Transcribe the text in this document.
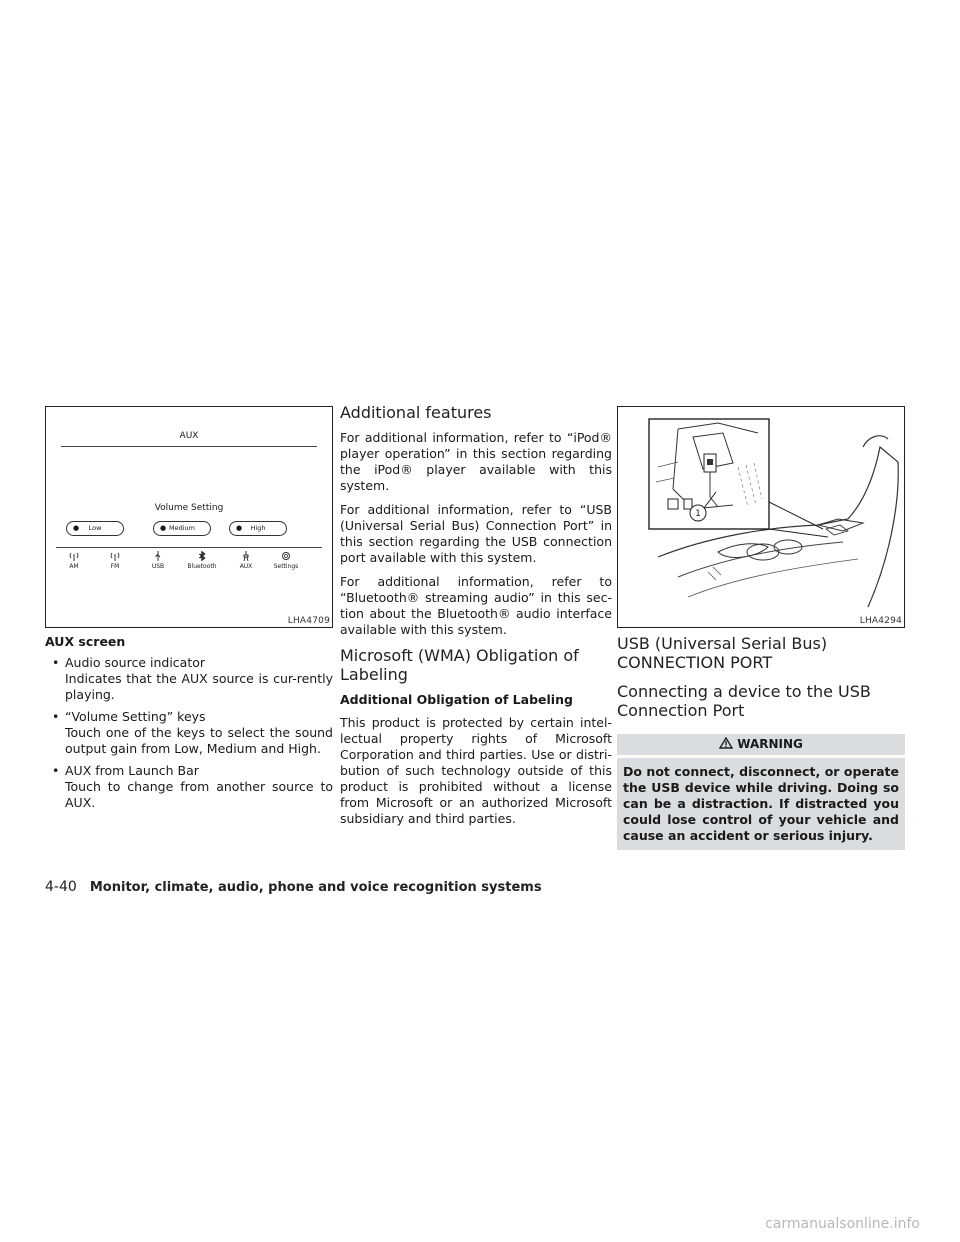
AUX
Volume Setting
●	Low	● Medium	●	High
AM	FM	USB	Bluetooth	AUX	Settings
LHA4709
AUX screen
• Audio source indicator
Indicates that the AUX source is cur-rently playing.
• “Volume Setting” keys
Touch one of the keys to select the sound output gain from Low, Medium and High.
• AUX from Launch Bar
Touch to change from another source to AUX.
Additional features

For additional information, refer to “iPod® player operation” in this section regarding the iPod® player available with this system.

For additional information, refer to “USB (Universal Serial Bus) Connection Port” in this section regarding the USB connection port available with this system.

For additional information, refer to “Bluetooth® streaming audio” in this sec-tion about the Bluetooth® audio interface available with this system.

Microsoft (WMA) Obligation of
Labeling
Additional Obligation of Labeling

This product is protected by certain intel-lectual property rights of Microsoft Corporation and third parties. Use or distri-bution of such technology outside of this product is prohibited without a license from Microsoft or an authorized Microsoft subsidiary and third parties.

1
LHA4294
USB (Universal Serial Bus)
CONNECTION PORT
Connecting a device to the USB
Connection Port
WARNING
Do not connect, disconnect, or operate the USB device while driving. Doing so can be a distraction. If distracted you could lose control of your vehicle and cause an accident or serious injury.
4-40 Monitor, climate, audio, phone and voice recognition systems
carmanualsonline.info
